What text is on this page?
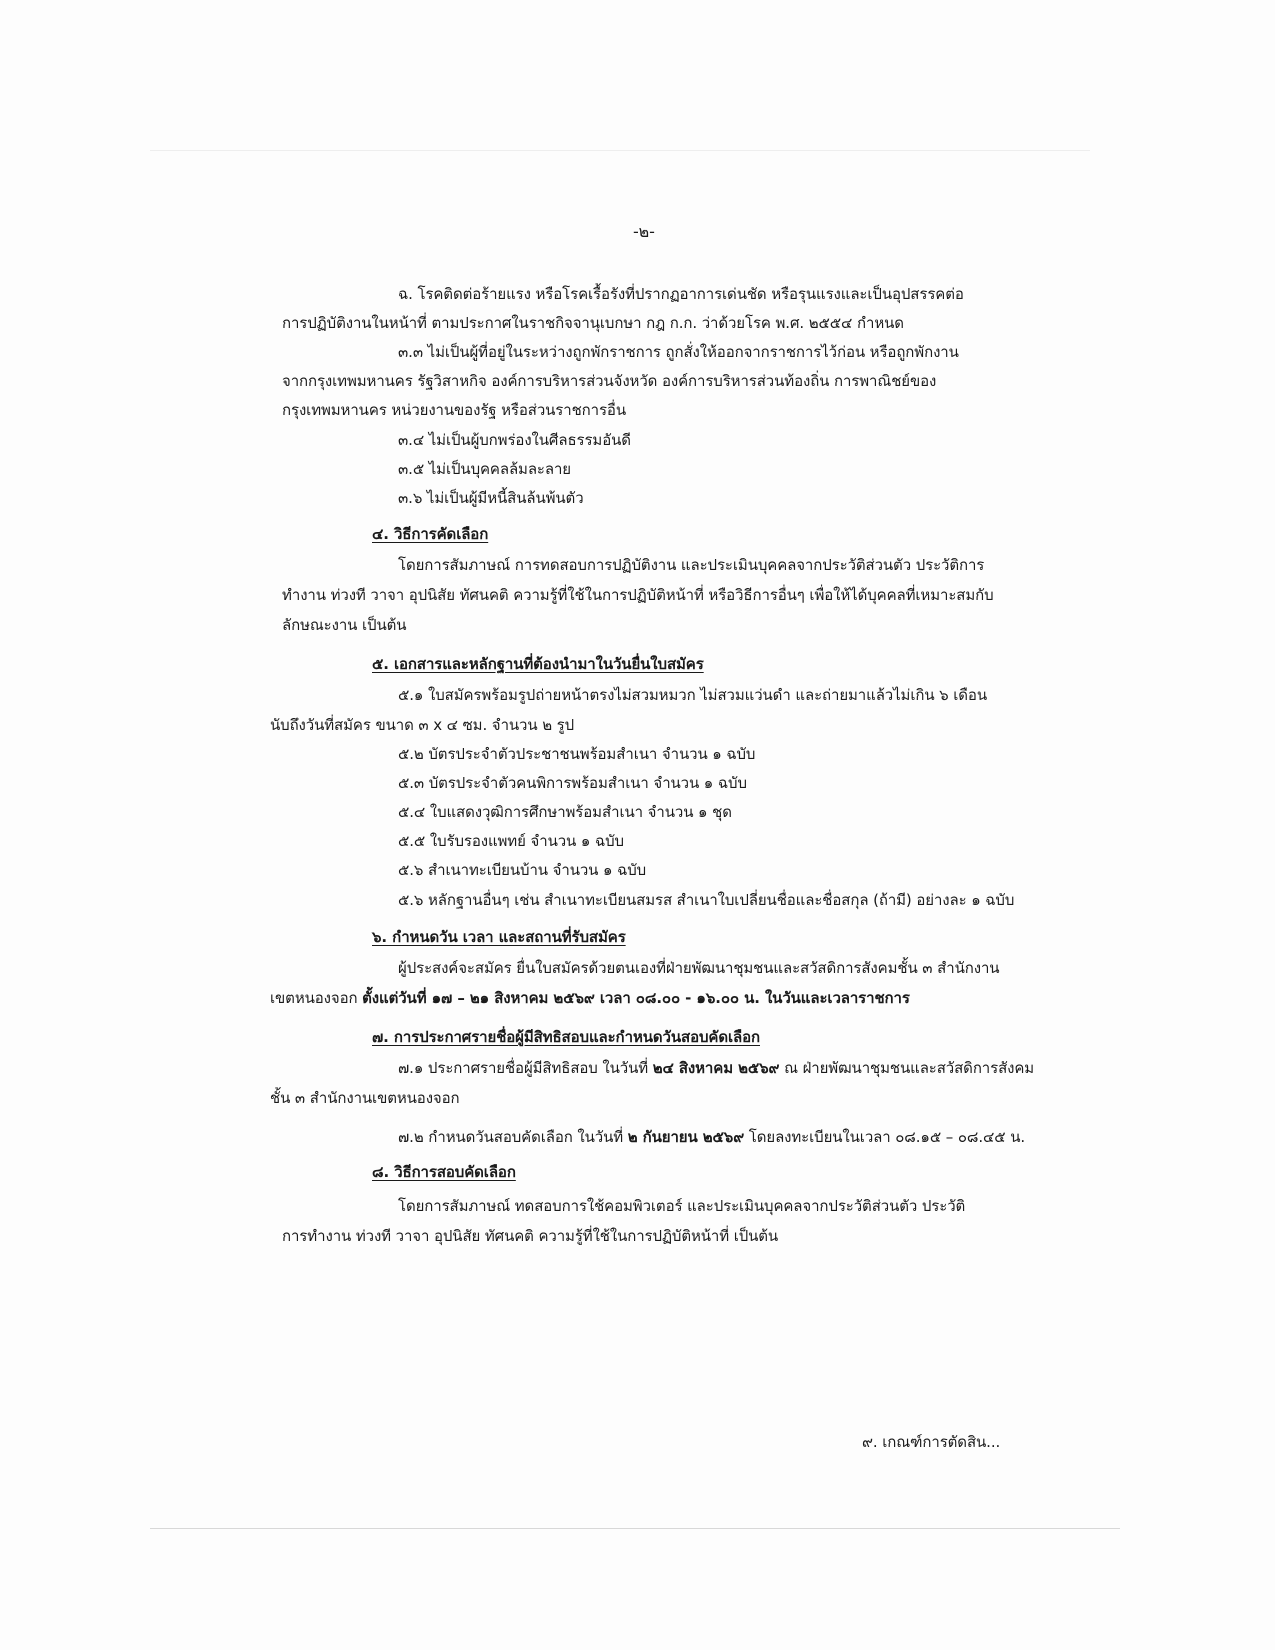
-๒-
ฉ. โรคติดต่อร้ายแรง หรือโรคเรื้อรังที่ปรากฏอาการเด่นชัด หรือรุนแรงและเป็นอุปสรรคต่อ
การปฏิบัติงานในหน้าที่ ตามประกาศในราชกิจจานุเบกษา กฎ ก.ก. ว่าด้วยโรค พ.ศ. ๒๕๕๔ กำหนด
๓.๓ ไม่เป็นผู้ที่อยู่ในระหว่างถูกพักราชการ ถูกสั่งให้ออกจากราชการไว้ก่อน หรือถูกพักงาน
จากกรุงเทพมหานคร รัฐวิสาหกิจ องค์การบริหารส่วนจังหวัด องค์การบริหารส่วนท้องถิ่น การพาณิชย์ของ
กรุงเทพมหานคร หน่วยงานของรัฐ หรือส่วนราชการอื่น
๓.๔ ไม่เป็นผู้บกพร่องในศีลธรรมอันดี
๓.๕ ไม่เป็นบุคคลล้มละลาย
๓.๖ ไม่เป็นผู้มีหนี้สินล้นพ้นตัว
๔. วิธีการคัดเลือก
โดยการสัมภาษณ์ การทดสอบการปฏิบัติงาน และประเมินบุคคลจากประวัติส่วนตัว ประวัติการ
ทำงาน ท่วงที วาจา อุปนิสัย ทัศนคติ ความรู้ที่ใช้ในการปฏิบัติหน้าที่ หรือวิธีการอื่นๆ เพื่อให้ได้บุคคลที่เหมาะสมกับ
ลักษณะงาน เป็นต้น
๕. เอกสารและหลักฐานที่ต้องนำมาในวันยื่นใบสมัคร
๕.๑ ใบสมัครพร้อมรูปถ่ายหน้าตรงไม่สวมหมวก ไม่สวมแว่นดำ และถ่ายมาแล้วไม่เกิน ๖ เดือน
นับถึงวันที่สมัคร ขนาด ๓ x ๔ ซม. จำนวน ๒ รูป
๕.๒ บัตรประจำตัวประชาชนพร้อมสำเนา จำนวน ๑ ฉบับ
๕.๓ บัตรประจำตัวคนพิการพร้อมสำเนา จำนวน ๑ ฉบับ
๕.๔ ใบแสดงวุฒิการศึกษาพร้อมสำเนา จำนวน ๑ ชุด
๕.๕ ใบรับรองแพทย์ จำนวน ๑ ฉบับ
๕.๖ สำเนาทะเบียนบ้าน จำนวน ๑ ฉบับ
๕.๖ หลักฐานอื่นๆ เช่น สำเนาทะเบียนสมรส สำเนาใบเปลี่ยนชื่อและชื่อสกุล (ถ้ามี) อย่างละ ๑ ฉบับ
๖. กำหนดวัน เวลา และสถานที่รับสมัคร
ผู้ประสงค์จะสมัคร ยื่นใบสมัครด้วยตนเองที่ฝ่ายพัฒนาชุมชนและสวัสดิการสังคมชั้น ๓ สำนักงาน
เขตหนองจอก ตั้งแต่วันที่ ๑๗ – ๒๑ สิงหาคม ๒๕๖๙ เวลา ๐๘.๐๐ - ๑๖.๐๐ น. ในวันและเวลาราชการ
๗. การประกาศรายชื่อผู้มีสิทธิสอบและกำหนดวันสอบคัดเลือก
๗.๑ ประกาศรายชื่อผู้มีสิทธิสอบ ในวันที่ ๒๔ สิงหาคม ๒๕๖๙ ณ ฝ่ายพัฒนาชุมชนและสวัสดิการสังคม
ชั้น ๓ สำนักงานเขตหนองจอก
๗.๒ กำหนดวันสอบคัดเลือก ในวันที่ ๒ กันยายน ๒๕๖๙ โดยลงทะเบียนในเวลา ๐๘.๑๕ – ๐๘.๔๕ น.
๘. วิธีการสอบคัดเลือก
โดยการสัมภาษณ์ ทดสอบการใช้คอมพิวเตอร์ และประเมินบุคคลจากประวัติส่วนตัว ประวัติ
การทำงาน ท่วงที วาจา อุปนิสัย ทัศนคติ ความรู้ที่ใช้ในการปฏิบัติหน้าที่ เป็นต้น
๙. เกณฑ์การตัดสิน...
